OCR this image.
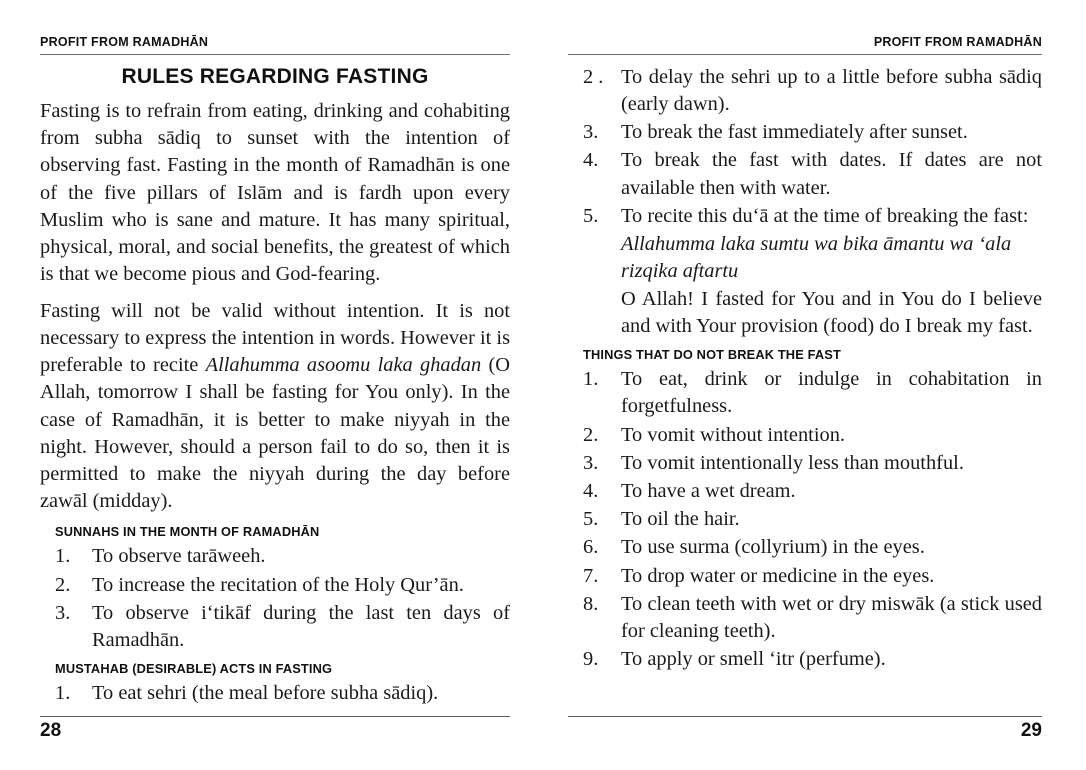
PROFIT FROM RAMADHĀN
RULES REGARDING FASTING

Fasting is to refrain from eating, drinking and cohabiting from subha sādiq to sunset with the intention of observing fast. Fasting in the month of Ramadhān is one of the five pillars of Islām and is fardh upon every Muslim who is sane and mature. It has many spiritual, physical, moral, and social benefits, the greatest of which is that we become pious and God-fearing.

Fasting will not be valid without intention. It is not necessary to express the intention in words. However it is preferable to recite Allahumma asoomu laka ghadan (O Allah, tomorrow I shall be fasting for You only). In the case of Ramadhān, it is better to make niyyah in the night. However, should a person fail to do so, then it is permitted to make the niyyah during the day before zawāl (midday).

SUNNAHS IN THE MONTH OF RAMADHĀN
1.	To observe tarāweeh.
2.	To increase the recitation of the Holy Qur’ān.
3.	To observe i‘tikāf during the last ten days of Ramadhān.
MUSTAHAB (DESIRABLE) ACTS IN FASTING
1.	To eat sehri (the meal before subha sādiq).
28
PROFIT FROM RAMADHĀN
2 . To delay the sehri up to a little before subha sādiq (early dawn).
3.	To break the fast immediately after sunset.
4.	To break the fast with dates. If dates are not available then with water.
5.	To recite this du‘ā at the time of breaking the fast:

Allahumma laka sumtu wa bika āmantu wa ‘ala rizqika aftartu

O Allah! I fasted for You and in You do I believe and with Your provision (food) do I break my fast.

THINGS THAT DO NOT BREAK THE FAST
1.	To eat, drink or indulge in cohabitation in forgetfulness.
2.	To vomit without intention.
3.	To vomit intentionally less than mouthful.
4.	To have a wet dream.
5.	To oil the hair.
6.	To use surma (collyrium) in the eyes.
7.	To drop water or medicine in the eyes.
8.	To clean teeth with wet or dry miswāk (a stick used for cleaning teeth).
9.	To apply or smell ‘itr (perfume).
29
